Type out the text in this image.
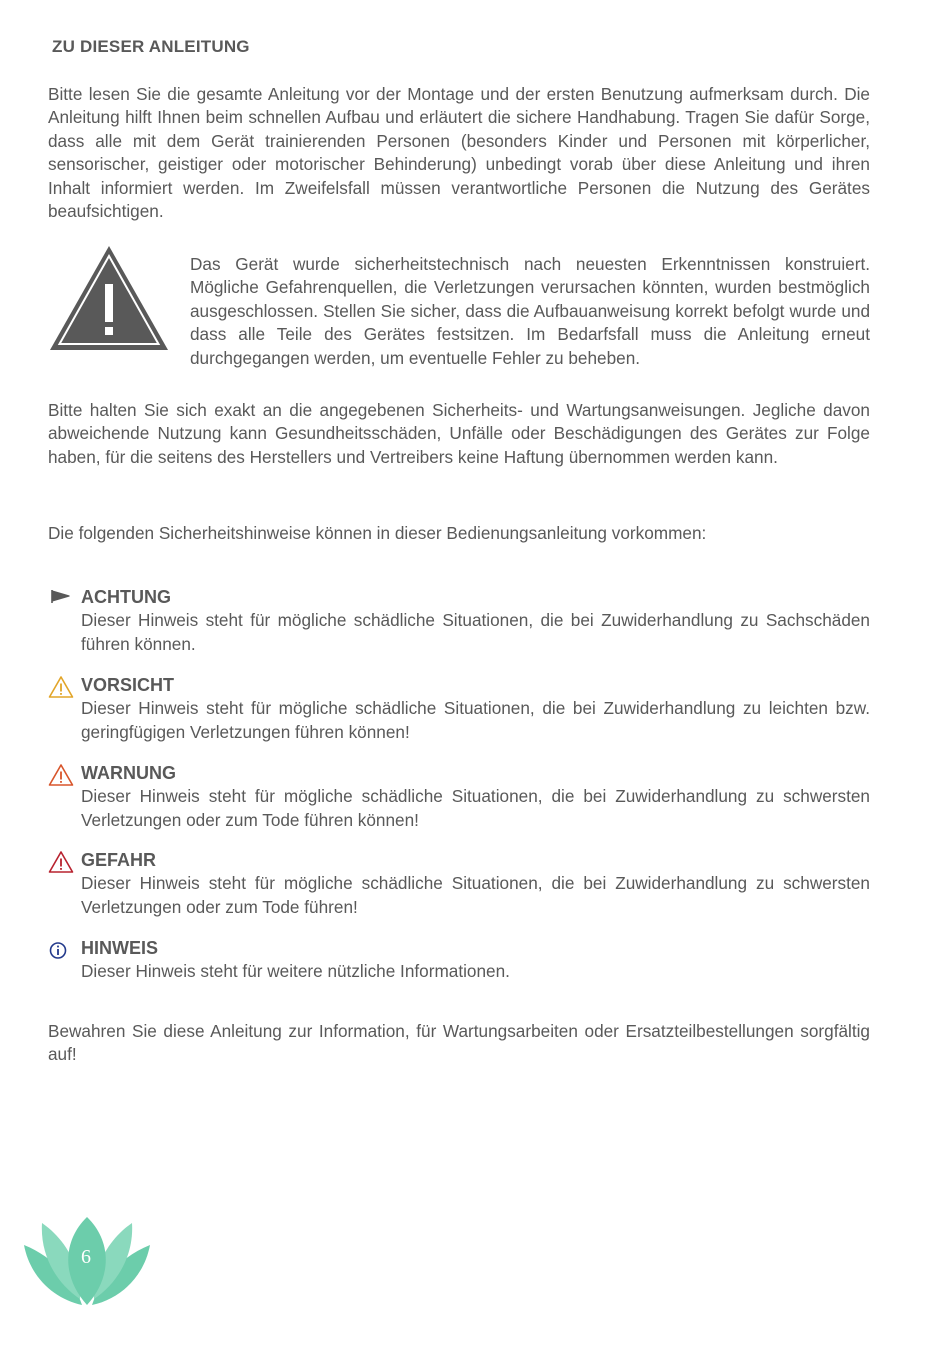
ZU DIESER ANLEITUNG

Bitte lesen Sie die gesamte Anleitung vor der Montage und der ersten Benutzung aufmerksam durch. Die Anleitung hilft Ihnen beim schnellen Aufbau und erläutert die sichere Handhabung. Tragen Sie dafür Sorge, dass alle mit dem Gerät trainierenden Personen (besonders Kinder und Personen mit körperlicher, sensorischer, geistiger oder motorischer Behinderung) unbedingt vorab über diese Anleitung und ihren Inhalt informiert werden. Im Zweifelsfall müssen verantwortliche Personen die Nutzung des Gerätes beaufsichtigen.

Das Gerät wurde sicherheitstechnisch nach neuesten Erkenntnissen konstruiert. Mögliche Gefahrenquellen, die Verletzungen verursachen könnten, wurden bestmöglich ausgeschlossen. Stellen Sie sicher, dass die Aufbauanweisung korrekt befolgt wurde und dass alle Teile des Gerätes festsitzen. Im Bedarfsfall muss die Anleitung erneut durchgegangen werden, um eventuelle Fehler zu beheben.

Bitte halten Sie sich exakt an die angegebenen Sicherheits- und Wartungsanweisungen. Jegliche davon abweichende Nutzung kann Gesundheitsschäden, Unfälle oder Beschädigungen des Gerätes zur Folge haben, für die seitens des Herstellers und Vertreibers keine Haftung übernommen werden kann.

Die folgenden Sicherheitshinweise können in dieser Bedienungsanleitung vorkommen:

ACHTUNG
Dieser Hinweis steht für mögliche schädliche Situationen, die bei Zuwiderhandlung zu Sachschäden führen können.
VORSICHT
Dieser Hinweis steht für mögliche schädliche Situationen, die bei Zuwiderhandlung zu leichten bzw. geringfügigen Verletzungen führen können!
WARNUNG
Dieser Hinweis steht für mögliche schädliche Situationen, die bei Zuwiderhandlung zu schwersten Verletzungen oder zum Tode führen können!
GEFAHR
Dieser Hinweis steht für mögliche schädliche Situationen, die bei Zuwiderhandlung zu schwersten Verletzungen oder zum Tode führen!
HINWEIS
Dieser Hinweis steht für weitere nützliche Informationen.

Bewahren Sie diese Anleitung zur Information, für Wartungsarbeiten oder Ersatzteilbestellungen sorgfältig auf!

6
